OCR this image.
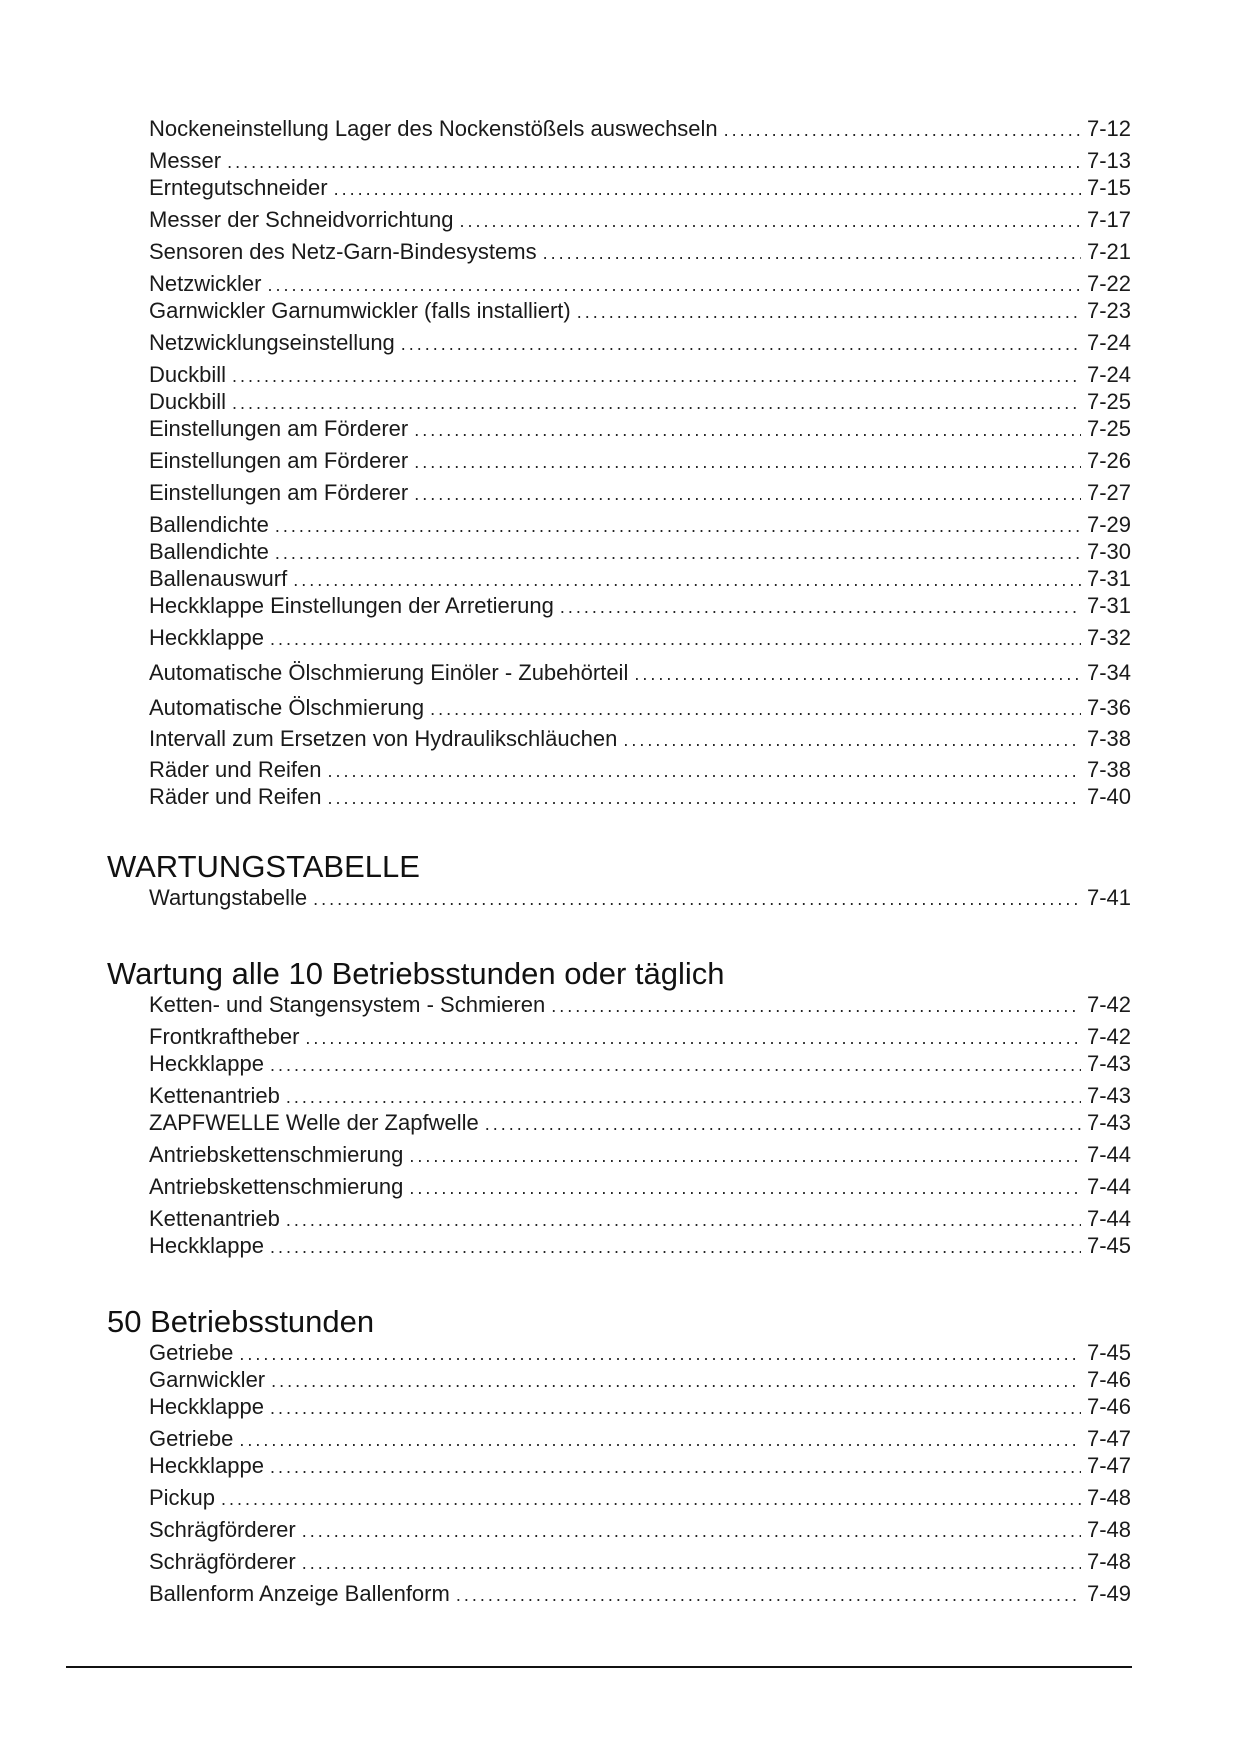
Nockeneinstellung Lager des Nockenstößels auswechseln . . .	7-12
Messer . . .	7-13
Erntegutschneider . . .	7-15
Messer der Schneidvorrichtung . . .	7-17
Sensoren des Netz-Garn-Bindesystems . . .	7-21
Netzwickler . . .	7-22
Garnwickler Garnumwickler (falls installiert) . . .	7-23
Netzwicklungseinstellung . . .	7-24
Duckbill . . .	7-24
Duckbill . . .	7-25
Einstellungen am Förderer . . .	7-25
Einstellungen am Förderer . . .	7-26
Einstellungen am Förderer . . .	7-27
Ballendichte . . .	7-29
Ballendichte . . .	7-30
Ballenauswurf . . .	7-31
Heckklappe Einstellungen der Arretierung . . .	7-31
Heckklappe . . .	7-32
Automatische Ölschmierung Einöler - Zubehörteil . . .	7-34
Automatische Ölschmierung . . .	7-36
Intervall zum Ersetzen von Hydraulikschläuchen . . .	7-38
Räder und Reifen . . .	7-38
Räder und Reifen . . .	7-40
WARTUNGSTABELLE
Wartungstabelle . . .	7-41
Wartung alle 10 Betriebsstunden oder täglich
Ketten- und Stangensystem - Schmieren . . .	7-42
Frontkraftheber . . .	7-42
Heckklappe . . .	7-43
Kettenantrieb . . .	7-43
ZAPFWELLE Welle der Zapfwelle . . .	7-43
Antriebskettenschmierung . . .	7-44
Antriebskettenschmierung . . .	7-44
Kettenantrieb . . .	7-44
Heckklappe . . .	7-45
50 Betriebsstunden
Getriebe . . .	7-45
Garnwickler . . .	7-46
Heckklappe . . .	7-46
Getriebe . . .	7-47
Heckklappe . . .	7-47
Pickup . . .	7-48
Schrägförderer . . .	7-48
Schrägförderer . . .	7-48
Ballenform Anzeige Ballenform . . .	7-49
